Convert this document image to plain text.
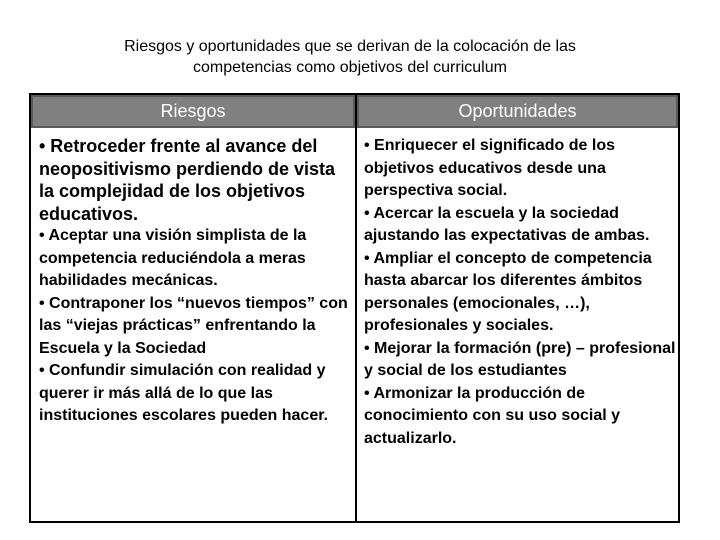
Riesgos y oportunidades que se derivan de la colocación de las
competencias como objetivos del curriculum
Riesgos	Oportunidades
• Retroceder frente al avance del neopositivismo perdiendo de vista la complejidad de los objetivos educativos.
• Aceptar una visión simplista de la competencia reduciéndola a meras habilidades mecánicas.
• Contraponer los “nuevos tiempos” con las “viejas prácticas” enfrentando la Escuela y la Sociedad
• Confundir simulación con realidad y querer ir más allá de lo que las instituciones escolares pueden hacer.
• Enriquecer el significado de los objetivos educativos desde una perspectiva social.
• Acercar la escuela y la sociedad ajustando las expectativas de ambas.
• Ampliar el concepto de competencia hasta abarcar los diferentes ámbitos personales (emocionales, …), profesionales y sociales.
• Mejorar la formación (pre) – profesional y social de los estudiantes
• Armonizar la producción de conocimiento con su uso social y actualizarlo.
